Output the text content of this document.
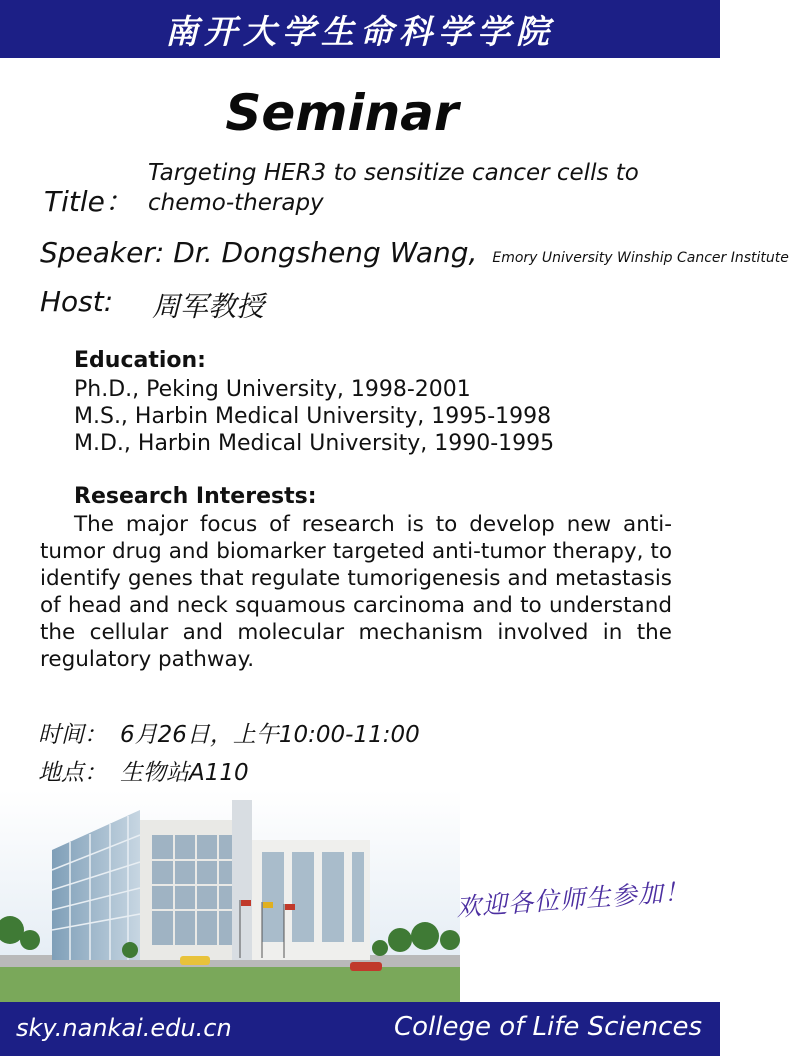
南开大学生命科学学院
Seminar
Title：
Targeting HER3 to sensitize cancer cells to chemo-therapy
Speaker: Dr. Dongsheng Wang, Emory University Winship Cancer Institute
Host: 周军教授
Education:
Ph.D., Peking University, 1998-2001
M.S., Harbin Medical University, 1995-1998
M.D., Harbin Medical University, 1990-1995
Research Interests:
The major focus of research is to develop new anti-tumor drug and biomarker targeted anti-tumor therapy, to identify genes that regulate tumorigenesis and metastasis of head and neck squamous carcinoma and to understand the cellular and molecular mechanism involved in the regulatory pathway.
时间： 6月26日，上午10:00-11:00
地点： 生物站A110
欢迎各位师生参加！
sky.nankai.edu.cn	College of Life Sciences
